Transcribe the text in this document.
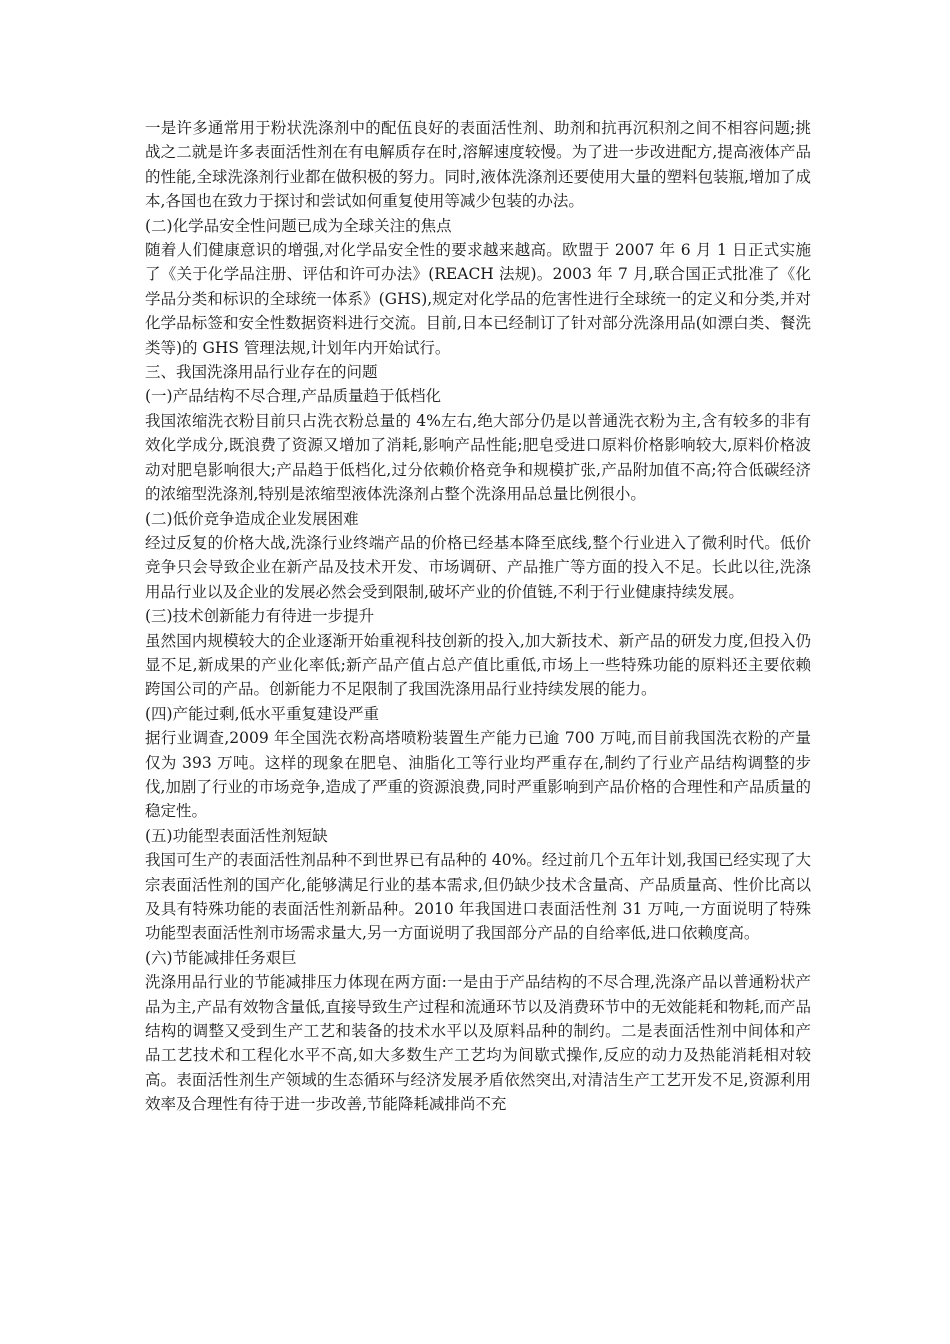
一是许多通常用于粉状洗涤剂中的配伍良好的表面活性剂、助剂和抗再沉积剂之间不相容问题;挑战之二就是许多表面活性剂在有电解质存在时,溶解速度较慢。为了进一步改进配方,提高液体产品的性能,全球洗涤剂行业都在做积极的努力。同时,液体洗涤剂还要使用大量的塑料包装瓶,增加了成本,各国也在致力于探讨和尝试如何重复使用等减少包装的办法。

(二)化学品安全性问题已成为全球关注的焦点

随着人们健康意识的增强,对化学品安全性的要求越来越高。欧盟于 2007 年 6 月 1 日正式实施了《关于化学品注册、评估和许可办法》(REACH 法规)。2003 年 7 月,联合国正式批准了《化学品分类和标识的全球统一体系》(GHS),规定对化学品的危害性进行全球统一的定义和分类,并对化学品标签和安全性数据资料进行交流。目前,日本已经制订了针对部分洗涤用品(如漂白类、餐洗类等)的 GHS 管理法规,计划年内开始试行。

三、我国洗涤用品行业存在的问题

(一)产品结构不尽合理,产品质量趋于低档化

我国浓缩洗衣粉目前只占洗衣粉总量的 4%左右,绝大部分仍是以普通洗衣粉为主,含有较多的非有效化学成分,既浪费了资源又增加了消耗,影响产品性能;肥皂受进口原料价格影响较大,原料价格波动对肥皂影响很大;产品趋于低档化,过分依赖价格竞争和规模扩张,产品附加值不高;符合低碳经济的浓缩型洗涤剂,特别是浓缩型液体洗涤剂占整个洗涤用品总量比例很小。

(二)低价竞争造成企业发展困难

经过反复的价格大战,洗涤行业终端产品的价格已经基本降至底线,整个行业进入了微利时代。低价竞争只会导致企业在新产品及技术开发、市场调研、产品推广等方面的投入不足。长此以往,洗涤用品行业以及企业的发展必然会受到限制,破坏产业的价值链,不利于行业健康持续发展。

(三)技术创新能力有待进一步提升

虽然国内规模较大的企业逐渐开始重视科技创新的投入,加大新技术、新产品的研发力度,但投入仍显不足,新成果的产业化率低;新产品产值占总产值比重低,市场上一些特殊功能的原料还主要依赖跨国公司的产品。创新能力不足限制了我国洗涤用品行业持续发展的能力。

(四)产能过剩,低水平重复建设严重

据行业调查,2009 年全国洗衣粉高塔喷粉装置生产能力已逾 700 万吨,而目前我国洗衣粉的产量仅为 393 万吨。这样的现象在肥皂、油脂化工等行业均严重存在,制约了行业产品结构调整的步伐,加剧了行业的市场竞争,造成了严重的资源浪费,同时严重影响到产品价格的合理性和产品质量的稳定性。

(五)功能型表面活性剂短缺

我国可生产的表面活性剂品种不到世界已有品种的 40%。经过前几个五年计划,我国已经实现了大宗表面活性剂的国产化,能够满足行业的基本需求,但仍缺少技术含量高、产品质量高、性价比高以及具有特殊功能的表面活性剂新品种。2010 年我国进口表面活性剂 31 万吨,一方面说明了特殊功能型表面活性剂市场需求量大,另一方面说明了我国部分产品的自给率低,进口依赖度高。

(六)节能减排任务艰巨

洗涤用品行业的节能减排压力体现在两方面:一是由于产品结构的不尽合理,洗涤产品以普通粉状产品为主,产品有效物含量低,直接导致生产过程和流通环节以及消费环节中的无效能耗和物耗,而产品结构的调整又受到生产工艺和装备的技术水平以及原料品种的制约。二是表面活性剂中间体和产品工艺技术和工程化水平不高,如大多数生产工艺均为间歇式操作,反应的动力及热能消耗相对较高。表面活性剂生产领域的生态循环与经济发展矛盾依然突出,对清洁生产工艺开发不足,资源利用效率及合理性有待于进一步改善,节能降耗减排尚不充
